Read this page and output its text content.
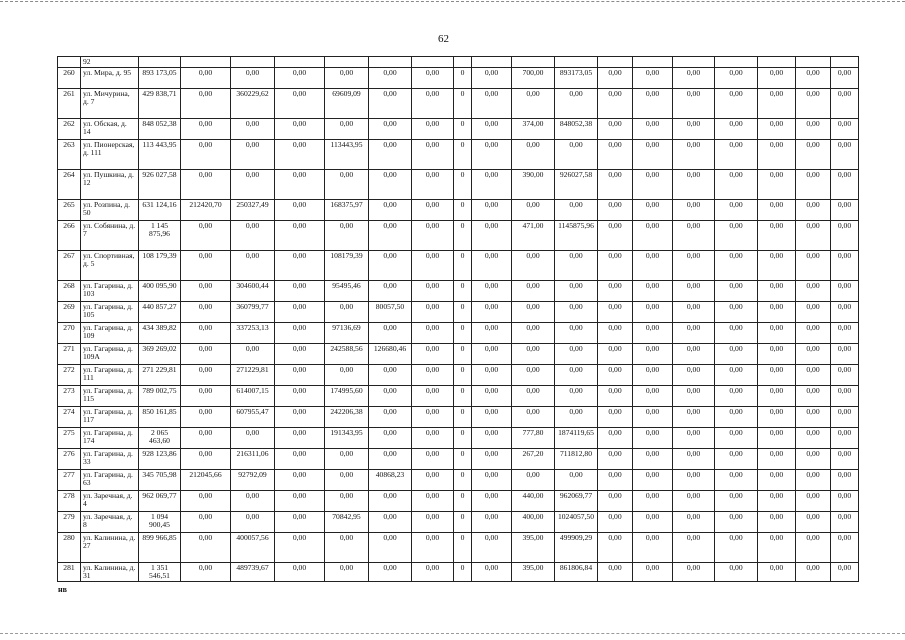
62
	92																		
260	ул. Мира, д. 95	893 173,05	0,00	0,00	0,00	0,00	0,00	0,00	0	0,00	700,00	893173,05	0,00	0,00	0,00	0,00	0,00	0,00	0,00
261	ул. Мичурина, д. 7	429 838,71	0,00	360229,62	0,00	69609,09	0,00	0,00	0	0,00	0,00	0,00	0,00	0,00	0,00	0,00	0,00	0,00	0,00
262	ул. Обская, д. 14	848 052,38	0,00	0,00	0,00	0,00	0,00	0,00	0	0,00	374,00	848052,38	0,00	0,00	0,00	0,00	0,00	0,00	0,00
263	ул. Пионерская, д. 111	113 443,95	0,00	0,00	0,00	113443,95	0,00	0,00	0	0,00	0,00	0,00	0,00	0,00	0,00	0,00	0,00	0,00	0,00
264	ул. Пушкина, д. 12	926 027,58	0,00	0,00	0,00	0,00	0,00	0,00	0	0,00	390,00	926027,58	0,00	0,00	0,00	0,00	0,00	0,00	0,00
265	ул. Розпина, д. 50	631 124,16	212420,70	250327,49	0,00	168375,97	0,00	0,00	0	0,00	0,00	0,00	0,00	0,00	0,00	0,00	0,00	0,00	0,00
266	ул. Собянина, д. 7	1 145 875,96	0,00	0,00	0,00	0,00	0,00	0,00	0	0,00	471,00	1145875,96	0,00	0,00	0,00	0,00	0,00	0,00	0,00
267	ул. Спортивная, д. 5	108 179,39	0,00	0,00	0,00	108179,39	0,00	0,00	0	0,00	0,00	0,00	0,00	0,00	0,00	0,00	0,00	0,00	0,00
268	ул. Гагарина, д. 103	400 095,90	0,00	304600,44	0,00	95495,46	0,00	0,00	0	0,00	0,00	0,00	0,00	0,00	0,00	0,00	0,00	0,00	0,00
269	ул. Гагарина, д. 105	440 857,27	0,00	360799,77	0,00	0,00	80057,50	0,00	0	0,00	0,00	0,00	0,00	0,00	0,00	0,00	0,00	0,00	0,00
270	ул. Гагарина, д. 109	434 389,82	0,00	337253,13	0,00	97136,69	0,00	0,00	0	0,00	0,00	0,00	0,00	0,00	0,00	0,00	0,00	0,00	0,00
271	ул. Гагарина, д. 109А	369 269,02	0,00	0,00	0,00	242588,56	126680,46	0,00	0	0,00	0,00	0,00	0,00	0,00	0,00	0,00	0,00	0,00	0,00
272	ул. Гагарина, д. 111	271 229,81	0,00	271229,81	0,00	0,00	0,00	0,00	0	0,00	0,00	0,00	0,00	0,00	0,00	0,00	0,00	0,00	0,00
273	ул. Гагарина, д. 115	789 002,75	0,00	614007,15	0,00	174995,60	0,00	0,00	0	0,00	0,00	0,00	0,00	0,00	0,00	0,00	0,00	0,00	0,00
274	ул. Гагарина, д. 117	850 161,85	0,00	607955,47	0,00	242206,38	0,00	0,00	0	0,00	0,00	0,00	0,00	0,00	0,00	0,00	0,00	0,00	0,00
275	ул. Гагарина, д. 174	2 065 463,60	0,00	0,00	0,00	191343,95	0,00	0,00	0	0,00	777,80	1874119,65	0,00	0,00	0,00	0,00	0,00	0,00	0,00
276	ул. Гагарина, д. 33	928 123,86	0,00	216311,06	0,00	0,00	0,00	0,00	0	0,00	267,20	711812,80	0,00	0,00	0,00	0,00	0,00	0,00	0,00
277	ул. Гагарина, д. 63	345 705,98	212045,66	92792,09	0,00	0,00	40868,23	0,00	0	0,00	0,00	0,00	0,00	0,00	0,00	0,00	0,00	0,00	0,00
278	ул. Заречная, д. 4	962 069,77	0,00	0,00	0,00	0,00	0,00	0,00	0	0,00	440,00	962069,77	0,00	0,00	0,00	0,00	0,00	0,00	0,00
279	ул. Заречная, д. 8	1 094 900,45	0,00	0,00	0,00	70842,95	0,00	0,00	0	0,00	400,00	1024057,50	0,00	0,00	0,00	0,00	0,00	0,00	0,00
280	ул. Калинина, д. 27	899 966,85	0,00	400057,56	0,00	0,00	0,00	0,00	0	0,00	395,00	499909,29	0,00	0,00	0,00	0,00	0,00	0,00	0,00
281	ул. Калинина, д. 31	1 351 546,51	0,00	489739,67	0,00	0,00	0,00	0,00	0	0,00	395,00	861806,84	0,00	0,00	0,00	0,00	0,00	0,00	0,00
нв
